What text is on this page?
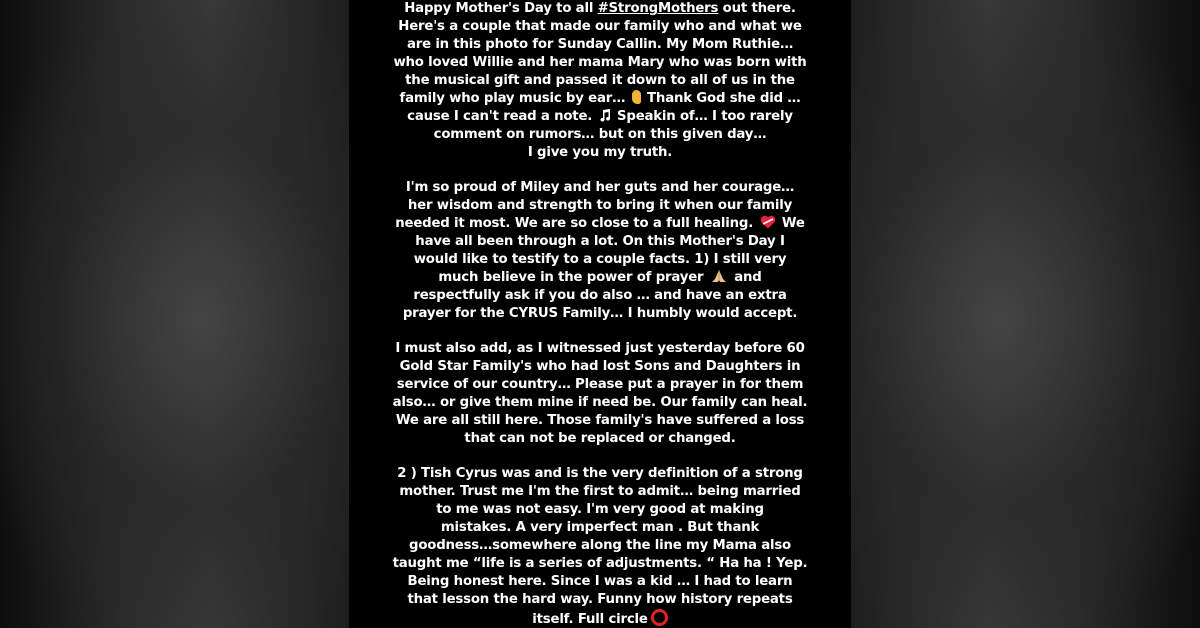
Happy Mother's Day to all #StrongMothers out there.
Here's a couple that made our family who and what we
are in this photo for Sunday Callin. My Mom Ruthie…
who loved Willie and her mama Mary who was born with
the musical gift and passed it down to all of us in the
family who play music by ear…  Thank God she did …
cause I can't read a note.  Speakin of… I too rarely
comment on rumors… but on this given day…
I give you my truth.
I'm so proud of Miley and her guts and her courage…
her wisdom and strength to bring it when our family
needed it most. We are so close to a full healing.  We
have all been through a lot. On this Mother's Day I
would like to testify to a couple facts. 1) I still very
much believe in the power of prayer  and
respectfully ask if you do also … and have an extra
prayer for the CYRUS Family… I humbly would accept.
I must also add, as I witnessed just yesterday before 60
Gold Star Family's who had lost Sons and Daughters in
service of our country… Please put a prayer in for them
also… or give them mine if need be. Our family can heal.
We are all still here. Those family's have suffered a loss
that can not be replaced or changed.
2 ) Tish Cyrus was and is the very definition of a strong
mother. Trust me I'm the first to admit… being married
to me was not easy. I'm very good at making
mistakes. A very imperfect man . But thank
goodness…somewhere along the line my Mama also
taught me “life is a series of adjustments. “ Ha ha ! Yep.
Being honest here. Since I was a kid … I had to learn
that lesson the hard way. Funny how history repeats
itself. Full circle
